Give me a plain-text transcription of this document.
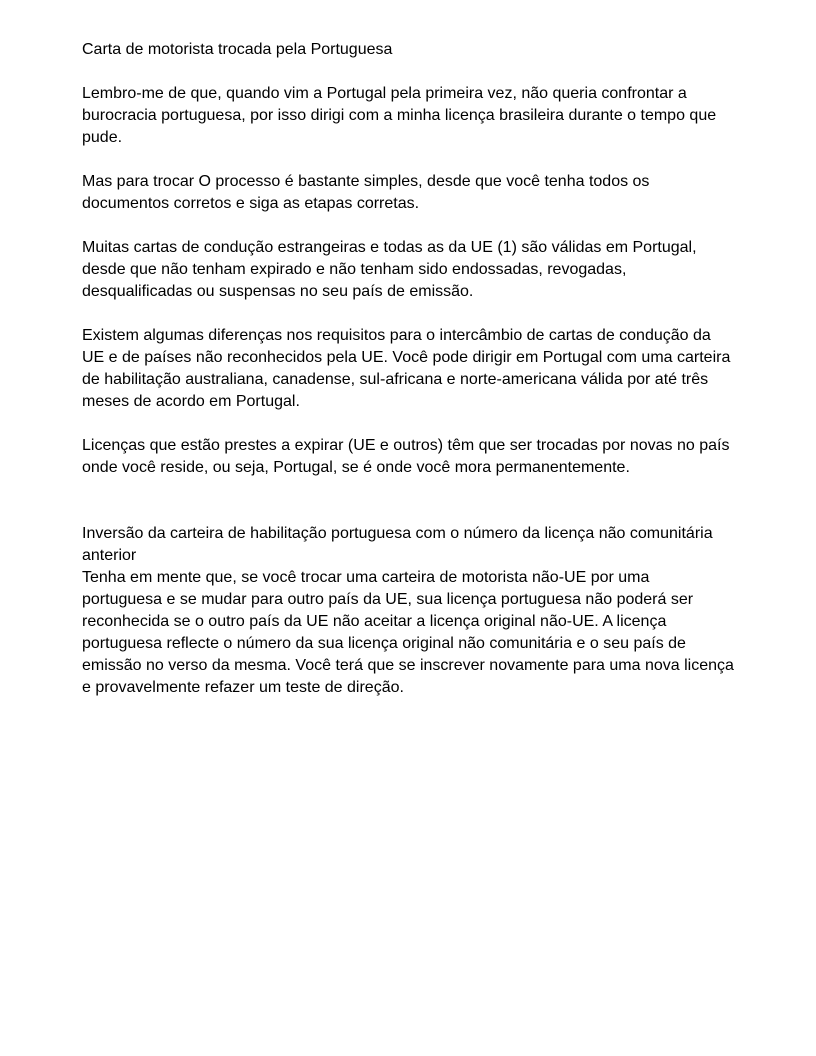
Carta de motorista trocada pela Portuguesa

Lembro-me de que, quando vim a Portugal pela primeira vez, não queria confrontar a
burocracia portuguesa, por isso dirigi com a minha licença brasileira durante o tempo que
pude.

Mas para trocar O processo é bastante simples, desde que você tenha todos os
documentos corretos e siga as etapas corretas.

Muitas cartas de condução estrangeiras e todas as da UE (1) são válidas em Portugal,
desde que não tenham expirado e não tenham sido endossadas, revogadas,
desqualificadas ou suspensas no seu país de emissão.

Existem algumas diferenças nos requisitos para o intercâmbio de cartas de condução da
UE e de países não reconhecidos pela UE. Você pode dirigir em Portugal com uma carteira
de habilitação australiana, canadense, sul-africana e norte-americana válida por até três
meses de acordo em Portugal.

Licenças que estão prestes a expirar (UE e outros) têm que ser trocadas por novas no país
onde você reside, ou seja, Portugal, se é onde você mora permanentemente.

Inversão da carteira de habilitação portuguesa com o número da licença não comunitária
anterior

Tenha em mente que, se você trocar uma carteira de motorista não-UE por uma
portuguesa e se mudar para outro país da UE, sua licença portuguesa não poderá ser
reconhecida se o outro país da UE não aceitar a licença original não-UE. A licença
portuguesa reflecte o número da sua licença original não comunitária e o seu país de
emissão no verso da mesma. Você terá que se inscrever novamente para uma nova licença
e provavelmente refazer um teste de direção.
